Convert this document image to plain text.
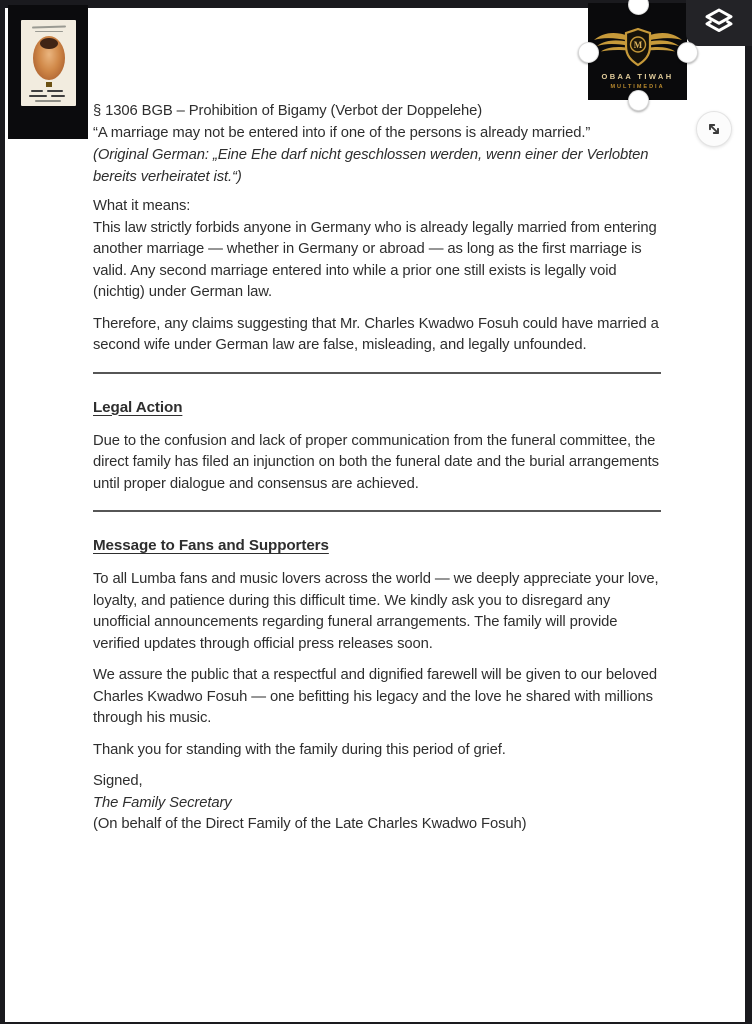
§ 1306 BGB – Prohibition of Bigamy (Verbot der Doppelehe)
“A marriage may not be entered into if one of the persons is already married.”
(Original German: „Eine Ehe darf nicht geschlossen werden, wenn einer der Verlobten bereits verheiratet ist.“)
What it means:
This law strictly forbids anyone in Germany who is already legally married from entering another marriage — whether in Germany or abroad — as long as the first marriage is valid. Any second marriage entered into while a prior one still exists is legally void (nichtig) under German law.

Therefore, any claims suggesting that Mr. Charles Kwadwo Fosuh could have married a second wife under German law are false, misleading, and legally unfounded.

Legal Action

Due to the confusion and lack of proper communication from the funeral committee, the direct family has filed an injunction on both the funeral date and the burial arrangements until proper dialogue and consensus are achieved.

Message to Fans and Supporters

To all Lumba fans and music lovers across the world — we deeply appreciate your love, loyalty, and patience during this difficult time. We kindly ask you to disregard any unofficial announcements regarding funeral arrangements. The family will provide verified updates through official press releases soon.

We assure the public that a respectful and dignified farewell will be given to our beloved Charles Kwadwo Fosuh — one befitting his legacy and the love he shared with millions through his music.

Thank you for standing with the family during this period of grief.

Signed,
The Family Secretary
(On behalf of the Direct Family of the Late Charles Kwadwo Fosuh)
M
OBAA TIWAH
MULTIMEDIA
